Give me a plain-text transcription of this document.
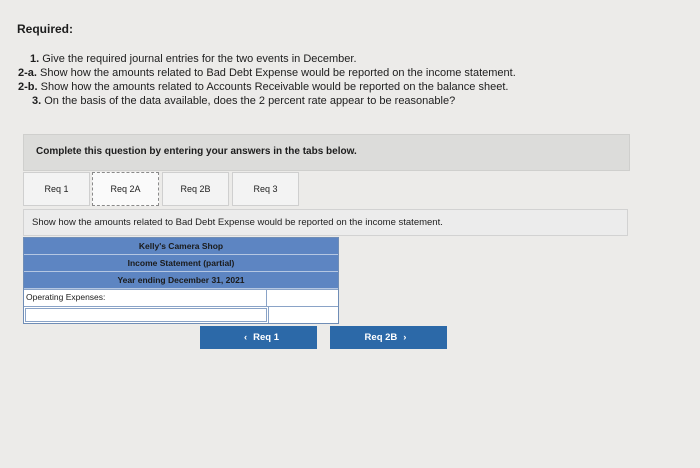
Required:
1. Give the required journal entries for the two events in December.
2-a. Show how the amounts related to Bad Debt Expense would be reported on the income statement.
2-b. Show how the amounts related to Accounts Receivable would be reported on the balance sheet.
3. On the basis of the data available, does the 2 percent rate appear to be reasonable?
Complete this question by entering your answers in the tabs below.
Req 1	Req 2A	Req 2B	Req 3
Show how the amounts related to Bad Debt Expense would be reported on the income statement.
Kelly's Camera Shop
Income Statement (partial)
Year ending December 31, 2021
Operating Expenses:
‹ Req 1	Req 2B ›
